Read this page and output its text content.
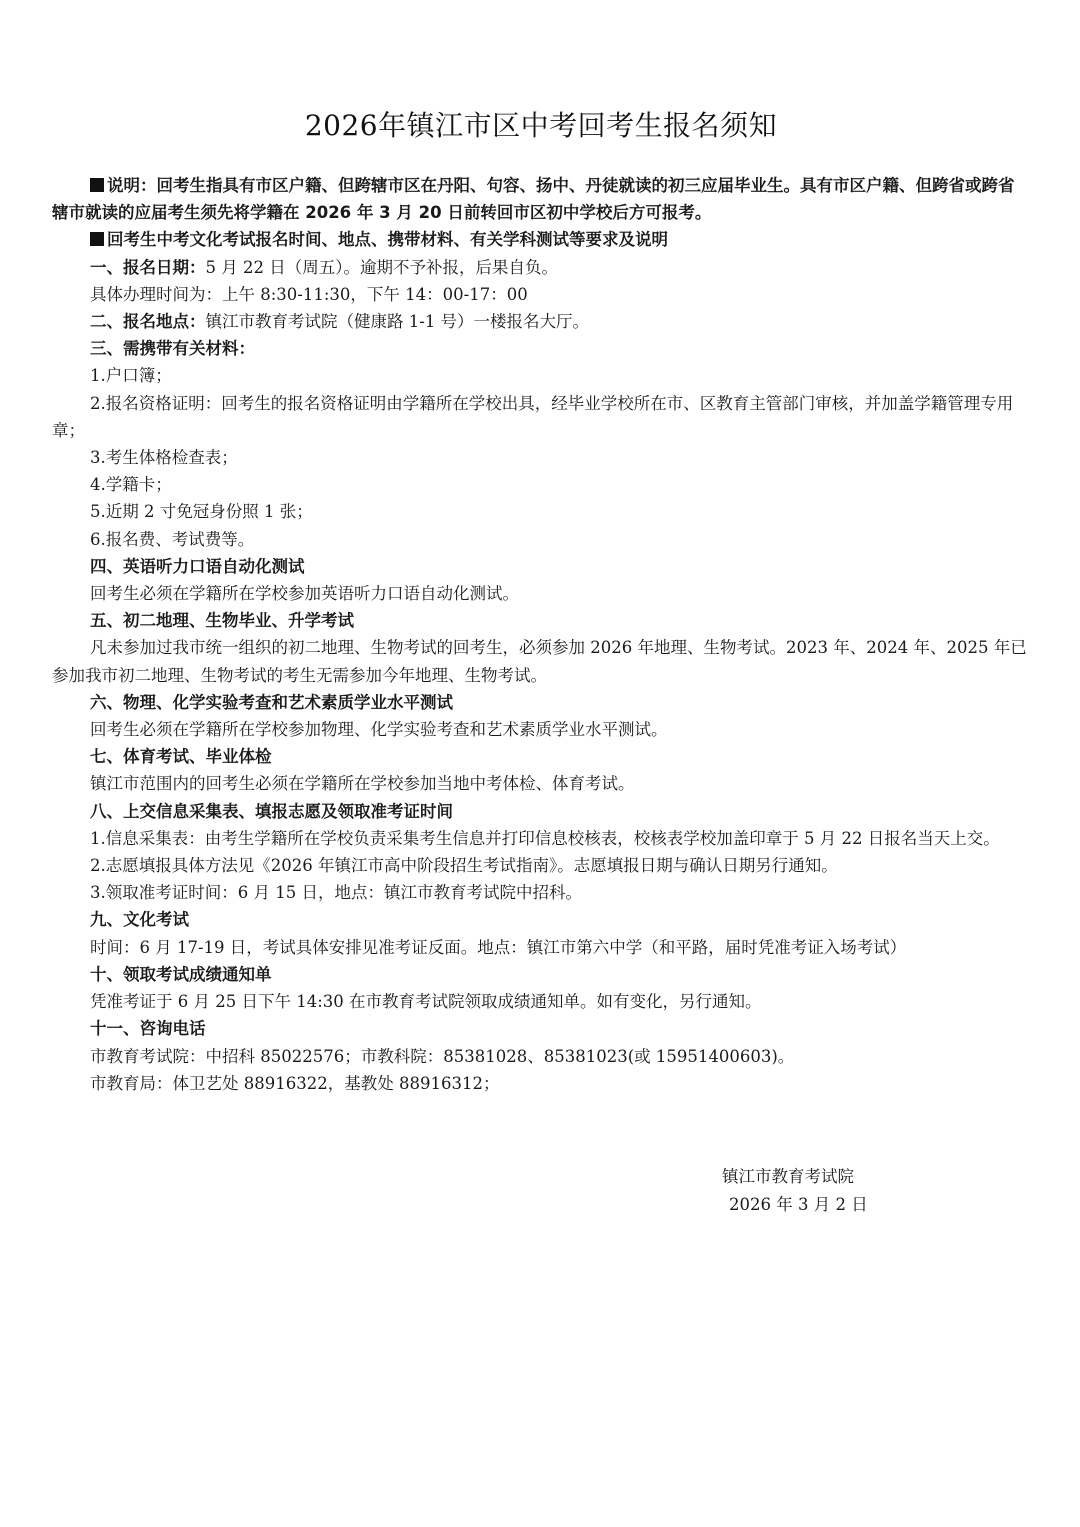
2026年镇江市区中考回考生报名须知

说明：回考生指具有市区户籍、但跨辖市区在丹阳、句容、扬中、丹徒就读的初三应届毕业生。具有市区户籍、但跨省或跨省辖市就读的应届考生须先将学籍在 2026 年 3 月 20 日前转回市区初中学校后方可报考。

回考生中考文化考试报名时间、地点、携带材料、有关学科测试等要求及说明

一、报名日期：5 月 22 日（周五）。逾期不予补报，后果自负。

具体办理时间为：上午 8:30-11:30，下午 14：00-17：00

二、报名地点：镇江市教育考试院（健康路 1-1 号）一楼报名大厅。

三、需携带有关材料：

1.户口簿；

2.报名资格证明：回考生的报名资格证明由学籍所在学校出具，经毕业学校所在市、区教育主管部门审核，并加盖学籍管理专用章；

3.考生体格检查表；

4.学籍卡；

5.近期 2 寸免冠身份照 1 张；

6.报名费、考试费等。

四、英语听力口语自动化测试

回考生必须在学籍所在学校参加英语听力口语自动化测试。

五、初二地理、生物毕业、升学考试

凡未参加过我市统一组织的初二地理、生物考试的回考生，必须参加 2026 年地理、生物考试。2023 年、2024 年、2025 年已参加我市初二地理、生物考试的考生无需参加今年地理、生物考试。

六、物理、化学实验考查和艺术素质学业水平测试

回考生必须在学籍所在学校参加物理、化学实验考查和艺术素质学业水平测试。

七、体育考试、毕业体检

镇江市范围内的回考生必须在学籍所在学校参加当地中考体检、体育考试。

八、上交信息采集表、填报志愿及领取准考证时间

1.信息采集表：由考生学籍所在学校负责采集考生信息并打印信息校核表，校核表学校加盖印章于 5 月 22 日报名当天上交。

2.志愿填报具体方法见《2026 年镇江市高中阶段招生考试指南》。志愿填报日期与确认日期另行通知。

3.领取准考证时间：6 月 15 日，地点：镇江市教育考试院中招科。

九、文化考试

时间：6 月 17-19 日，考试具体安排见准考证反面。地点：镇江市第六中学（和平路，届时凭准考证入场考试）

十、领取考试成绩通知单

凭准考证于 6 月 25 日下午 14:30 在市教育考试院领取成绩通知单。如有变化，另行通知。

十一、咨询电话

市教育考试院：中招科 85022576；市教科院：85381028、85381023(或 15951400603)。

市教育局：体卫艺处 88916322，基教处 88916312；

镇江市教育考试院
2026 年 3 月 2 日
